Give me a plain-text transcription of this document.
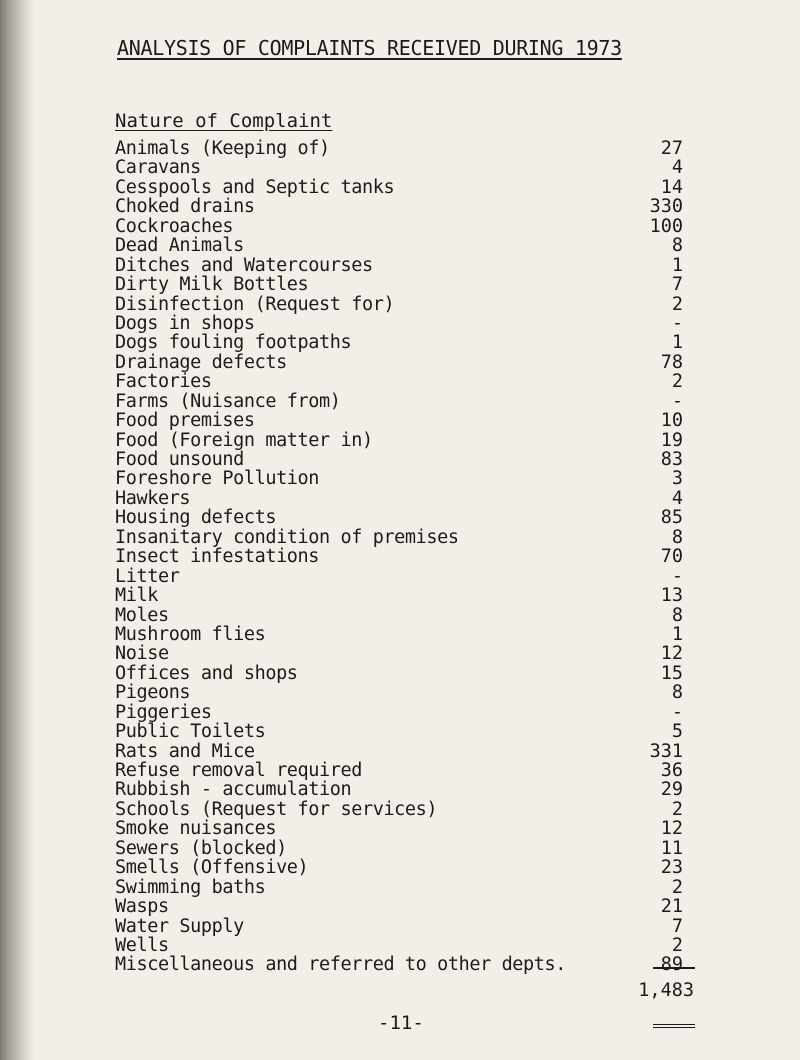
ANALYSIS OF COMPLAINTS RECEIVED DURING 1973
Nature of Complaint
Animals (Keeping of)	27
Caravans	4
Cesspools and Septic tanks	14
Choked drains	330
Cockroaches	100
Dead Animals	8
Ditches and Watercourses	1
Dirty Milk Bottles	7
Disinfection (Request for)	2
Dogs in shops	-
Dogs fouling footpaths	1
Drainage defects	78
Factories	2
Farms (Nuisance from)	-
Food premises	10
Food (Foreign matter in)	19
Food unsound	83
Foreshore Pollution	3
Hawkers	4
Housing defects	85
Insanitary condition of premises	8
Insect infestations	70
Litter	-
Milk	13
Moles	8
Mushroom flies	1
Noise	12
Offices and shops	15
Pigeons	8
Piggeries	-
Public Toilets	5
Rats and Mice	331
Refuse removal required	36
Rubbish - accumulation	29
Schools (Request for services)	2
Smoke nuisances	12
Sewers (blocked)	11
Smells (Offensive)	23
Swimming baths	2
Wasps	21
Water Supply	7
Wells	2
Miscellaneous and referred to other depts.	89
1,483
-11-
